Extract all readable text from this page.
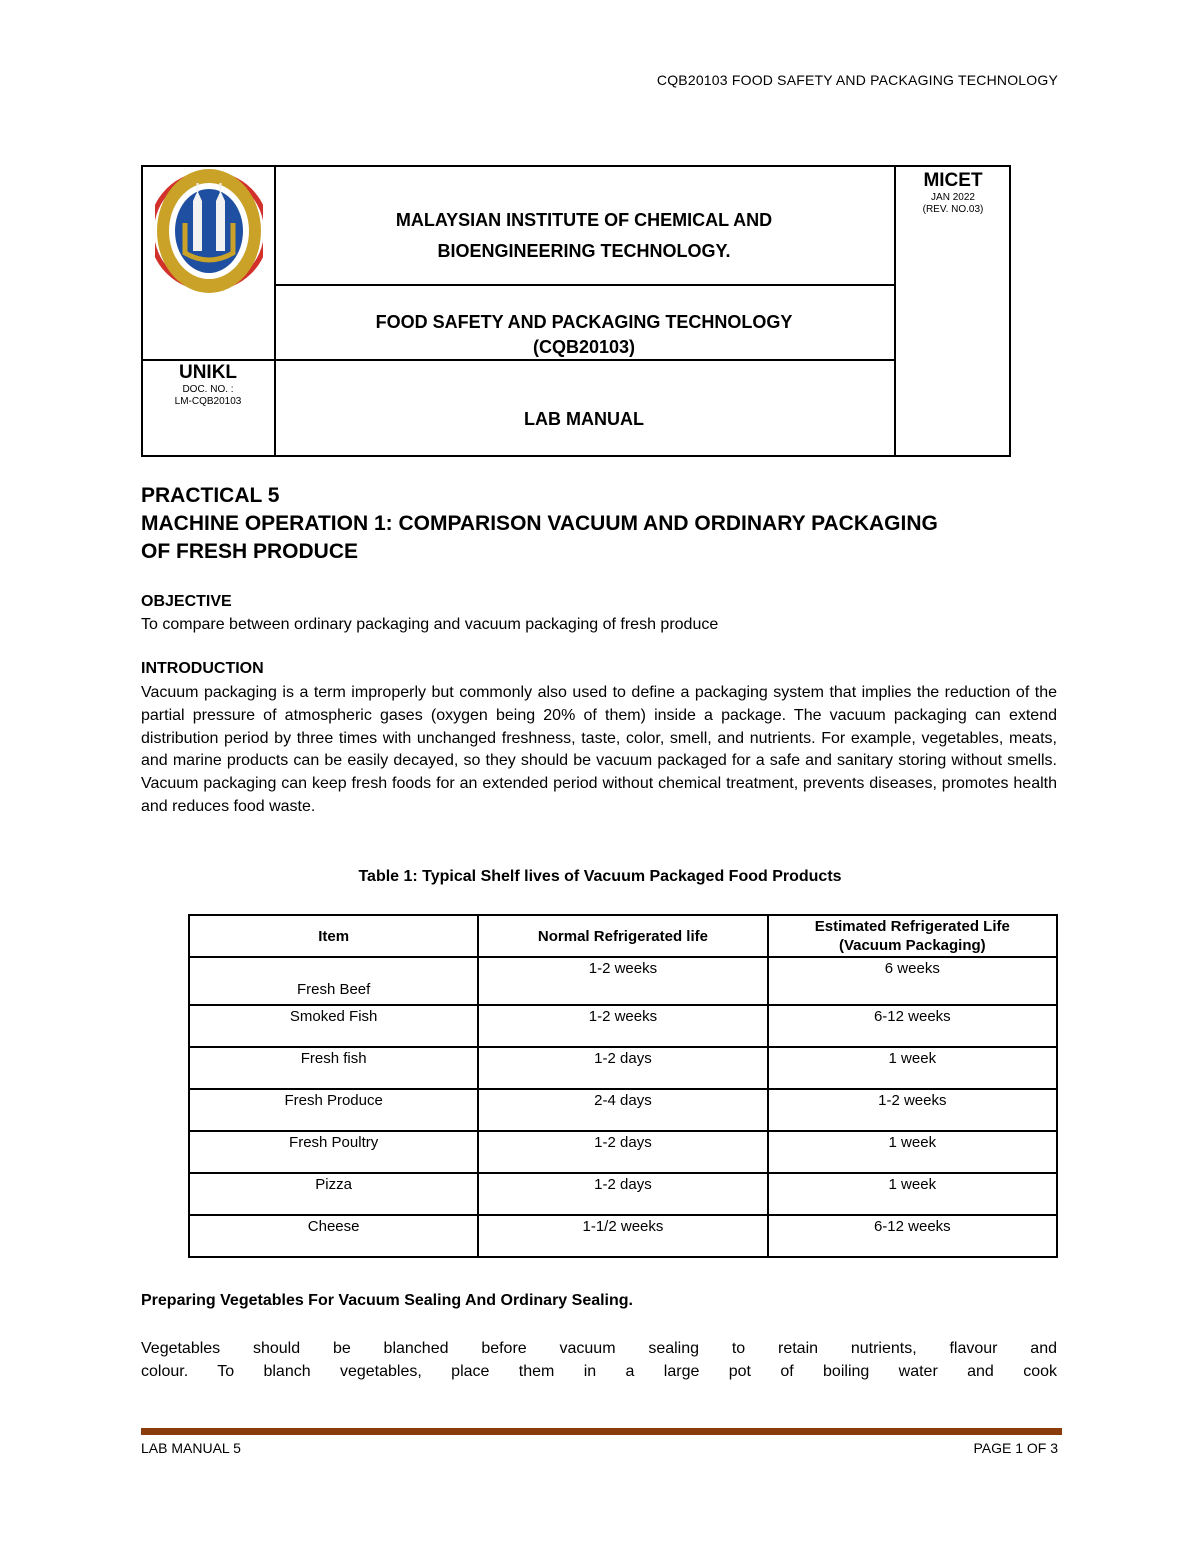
CQB20103 FOOD SAFETY AND PACKAGING TECHNOLOGY
UNIKL
DOC. NO. :
LM-CQB20103
MICET
JAN 2022
(REV. NO.03)
MALAYSIAN INSTITUTE OF CHEMICAL AND
BIOENGINEERING TECHNOLOGY.
FOOD SAFETY AND PACKAGING TECHNOLOGY
(CQB20103)
LAB MANUAL
PRACTICAL 5
MACHINE OPERATION 1: COMPARISON VACUUM AND ORDINARY PACKAGING
OF FRESH PRODUCE
OBJECTIVE
To compare between ordinary packaging and vacuum packaging of fresh produce
INTRODUCTION
Vacuum packaging is a term improperly but commonly also used to define a packaging system that implies the reduction of the partial pressure of atmospheric gases (oxygen being 20% of them) inside a package. The vacuum packaging can extend distribution period by three times with unchanged freshness, taste, color, smell, and nutrients. For example, vegetables, meats, and marine products can be easily decayed, so they should be vacuum packaged for a safe and sanitary storing without smells. Vacuum packaging can keep fresh foods for an extended period without chemical treatment, prevents diseases, promotes health and reduces food waste.
Table 1: Typical Shelf lives of Vacuum Packaged Food Products
Item	Normal Refrigerated life	Estimated Refrigerated Life
(Vacuum Packaging)

Fresh Beef	1-2 weeks	6 weeks
Smoked Fish	1-2 weeks	6-12 weeks
Fresh fish	1-2 days	1 week
Fresh Produce	2-4 days	1-2 weeks
Fresh Poultry	1-2 days	1 week
Pizza	1-2 days	1 week
Cheese	1-1/2 weeks	6-12 weeks
Preparing Vegetables For Vacuum Sealing And Ordinary Sealing.
Vegetables should be blanched before vacuum sealing to retain nutrients, flavour and
colour. To blanch vegetables, place them in a large pot of boiling water and cook
LAB MANUAL 5	PAGE 1 OF 3
